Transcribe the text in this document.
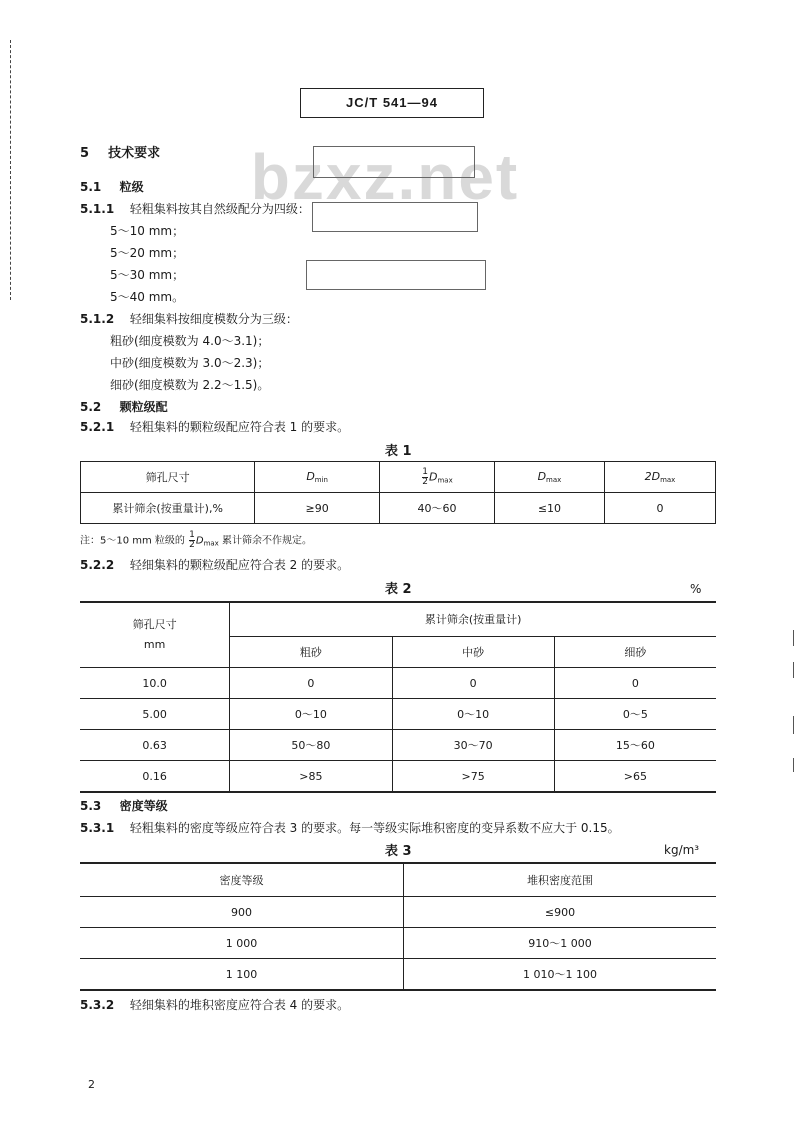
JC/T 541—94
bzxz.net
5 技术要求
5.1 粒级
5.1.1 轻粗集料按其自然级配分为四级：
5～10 mm；
5～20 mm；
5～30 mm；
5～40 mm。
5.1.2 轻细集料按细度模数分为三级：
粗砂(细度模数为 4.0～3.1)；
中砂(细度模数为 3.0～2.3)；
细砂(细度模数为 2.2～1.5)。
5.2 颗粒级配
5.2.1 轻粗集料的颗粒级配应符合表 1 的要求。
表 1
筛孔尺寸	$D_{min}$	$\frac{1}{2} D_{max}$	$D_{max}$	$2D_{max}$
累计筛余(按重量计),%	≥90	40～60	≤10	0
注：5～10 mm 粒级的 $\frac{1}{2} D_{max}$ 累计筛余不作规定。
5.2.2 轻细集料的颗粒级配应符合表 2 的要求。
表 2	%
筛孔尺寸
mm	累计筛余(按重量计)		
	粗砂	中砂	细砂
10.0	0	0	0
5.00	0～10	0～10	0～5
0.63	50～80	30～70	15～60
0.16	>85	>75	>65
5.3 密度等级
5.3.1 轻粗集料的密度等级应符合表 3 的要求。每一等级实际堆积密度的变异系数不应大于 0.15。
表 3	kg/m³
密度等级	堆积密度范围
900	≤900
1 000	910～1 000
1 100	1 010～1 100
5.3.2 轻细集料的堆积密度应符合表 4 的要求。
2
